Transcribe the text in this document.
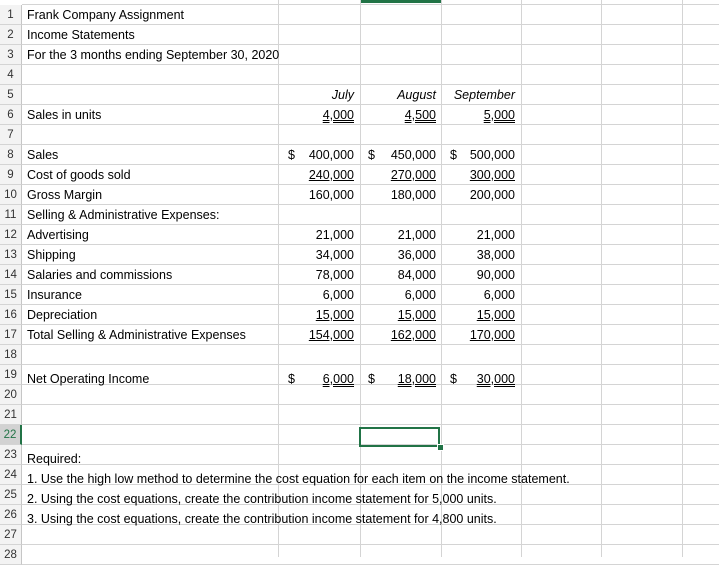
1
2
3
4
5
6
7
8
9
10
11
12
13
14
15
16
17
18
19
20
21
22
23
24
25
26
27
28
Frank Company Assignment
Income Statements
For the 3 months ending September 30, 2020
July	August	September
Sales in units	4,000	4,500	5,000
Sales	$ 400,000 $ 450,000 $ 500,000
Cost of goods sold	240,000	270,000	300,000
Gross Margin	160,000	180,000	200,000
Selling & Administrative Expenses:
Advertising	21,000	21,000	21,000
Shipping	34,000	36,000	38,000
Salaries and commissions	78,000	84,000	90,000
Insurance	6,000	6,000	6,000
Depreciation	15,000	15,000	15,000
Total Selling & Administrative Expenses	154,000	162,000	170,000
Net Operating Income	$ 6,000 $ 18,000 $ 30,000
Required:
1. Use the high low method to determine the cost equation for each item on the income statement.
2. Using the cost equations, create the contribution income statement for 5,000 units.
3. Using the cost equations, create the contribution income statement for 4,800 units.
